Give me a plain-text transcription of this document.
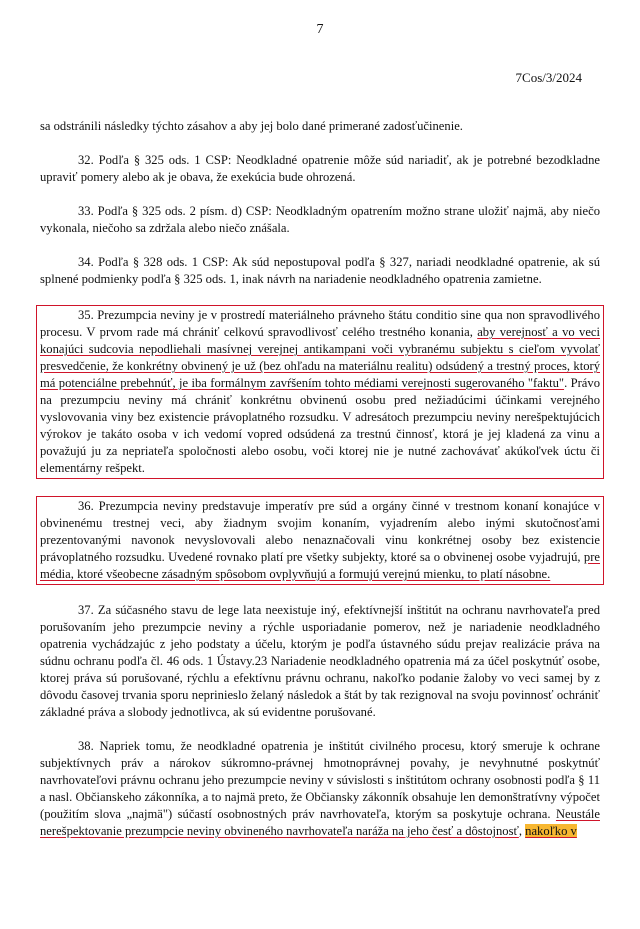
7
7Cos/3/2024

sa odstránili následky týchto zásahov a aby jej bolo dané primerané zadosťučinenie.

32. Podľa § 325 ods. 1 CSP: Neodkladné opatrenie môže súd nariadiť, ak je potrebné bezodkladne upraviť pomery alebo ak je obava, že exekúcia bude ohrozená.

33. Podľa § 325 ods. 2 písm. d) CSP: Neodkladným opatrením možno strane uložiť najmä, aby niečo vykonala, niečoho sa zdržala alebo niečo znášala.

34. Podľa § 328 ods. 1 CSP: Ak súd nepostupoval podľa § 327, nariadi neodkladné opatrenie, ak sú splnené podmienky podľa § 325 ods. 1, inak návrh na nariadenie neodkladného opatrenia zamietne.

35. Prezumpcia neviny je v prostredí materiálneho právneho štátu conditio sine qua non spravodlivého procesu. V prvom rade má chrániť celkovú spravodlivosť celého trestného konania, aby verejnosť a vo veci konajúci sudcovia nepodliehali masívnej verejnej antikampani voči vybranému subjektu s cieľom vyvolať presvedčenie, že konkrétny obvinený je už (bez ohľadu na materiálnu realitu) odsúdený a trestný proces, ktorý má potenciálne prebehnúť, je iba formálnym zavŕšením tohto médiami verejnosti sugerovaného "faktu". Právo na prezumpciu neviny má chrániť konkrétnu obvinenú osobu pred nežiadúcimi účinkami verejného vyslovovania viny bez existencie právoplatného rozsudku. V adresátoch prezumpciu neviny nerešpektujúcich výrokov je takáto osoba v ich vedomí vopred odsúdená za trestnú činnosť, ktorá je jej kladená za vinu a považujú ju za nepriateľa spoločnosti alebo osobu, voči ktorej nie je nutné zachovávať akúkoľvek úctu či elementárny rešpekt.

36. Prezumpcia neviny predstavuje imperatív pre súd a orgány činné v trestnom konaní konajúce v obvinenému trestnej veci, aby žiadnym svojim konaním, vyjadrením alebo inými skutočnosťami prezentovanými navonok nevyslovovali alebo nenaznačovali vinu konkrétnej osoby bez existencie právoplatného rozsudku. Uvedené rovnako platí pre všetky subjekty, ktoré sa o obvinenej osobe vyjadrujú, pre média, ktoré všeobecne zásadným spôsobom ovplyvňujú a formujú verejnú mienku, to platí násobne.

37. Za súčasného stavu de lege lata neexistuje iný, efektívnejší inštitút na ochranu navrhovateľa pred porušovaním jeho prezumpcie neviny a rýchle usporiadanie pomerov, než je nariadenie neodkladného opatrenia vychádzajúc z jeho podstaty a účelu, ktorým je podľa ústavného súdu prejav realizácie práva na súdnu ochranu podľa čl. 46 ods. 1 Ústavy.23 Nariadenie neodkladného opatrenia má za účel poskytnúť osobe, ktorej práva sú porušované, rýchlu a efektívnu právnu ochranu, nakoľko podanie žaloby vo veci samej by z dôvodu časovej trvania sporu neprinieslo želaný následok a štát by tak rezignoval na svoju povinnosť ochrániť základné práva a slobody jednotlivca, ak sú evidentne porušované.

38. Napriek tomu, že neodkladné opatrenia je inštitút civilného procesu, ktorý smeruje k ochrane subjektívnych práv a nárokov súkromno-právnej hmotnoprávnej povahy, je nevyhnutné poskytnúť navrhovateľovi právnu ochranu jeho prezumpcie neviny v súvislosti s inštitútom ochrany osobnosti podľa § 11 a nasl. Občianskeho zákonníka, a to najmä preto, že Občiansky zákonník obsahuje len demonštratívny výpočet (použitím slova „najmä") súčastí osobnostných práv navrhovateľa, ktorým sa poskytuje ochrana. Neustále nerešpektovanie prezumpcie neviny obvineného navrhovateľa naráža na jeho česť a dôstojnosť, nakoľko v
